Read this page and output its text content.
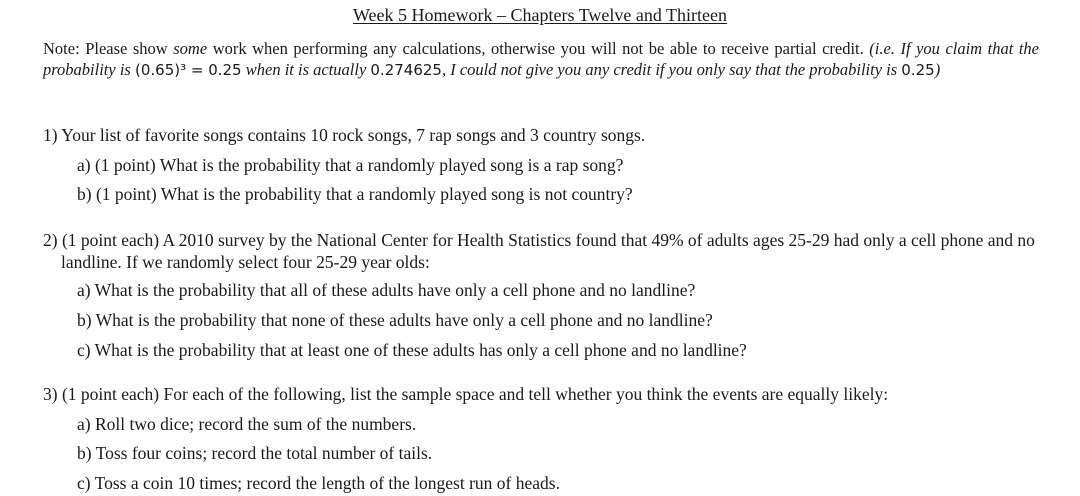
Week 5 Homework – Chapters Twelve and Thirteen
Note: Please show some work when performing any calculations, otherwise you will not be able to receive partial credit. (i.e. If you claim that the probability is (0.65)³ = 0.25 when it is actually 0.274625, I could not give you any credit if you only say that the probability is 0.25)
1) Your list of favorite songs contains 10 rock songs, 7 rap songs and 3 country songs.
a) (1 point) What is the probability that a randomly played song is a rap song?
b) (1 point) What is the probability that a randomly played song is not country?
2) (1 point each) A 2010 survey by the National Center for Health Statistics found that 49% of adults ages 25-29 had only a cell phone and no landline. If we randomly select four 25-29 year olds:
a) What is the probability that all of these adults have only a cell phone and no landline?
b) What is the probability that none of these adults have only a cell phone and no landline?
c) What is the probability that at least one of these adults has only a cell phone and no landline?
3) (1 point each) For each of the following, list the sample space and tell whether you think the events are equally likely:
a) Roll two dice; record the sum of the numbers.
b) Toss four coins; record the total number of tails.
c) Toss a coin 10 times; record the length of the longest run of heads.
